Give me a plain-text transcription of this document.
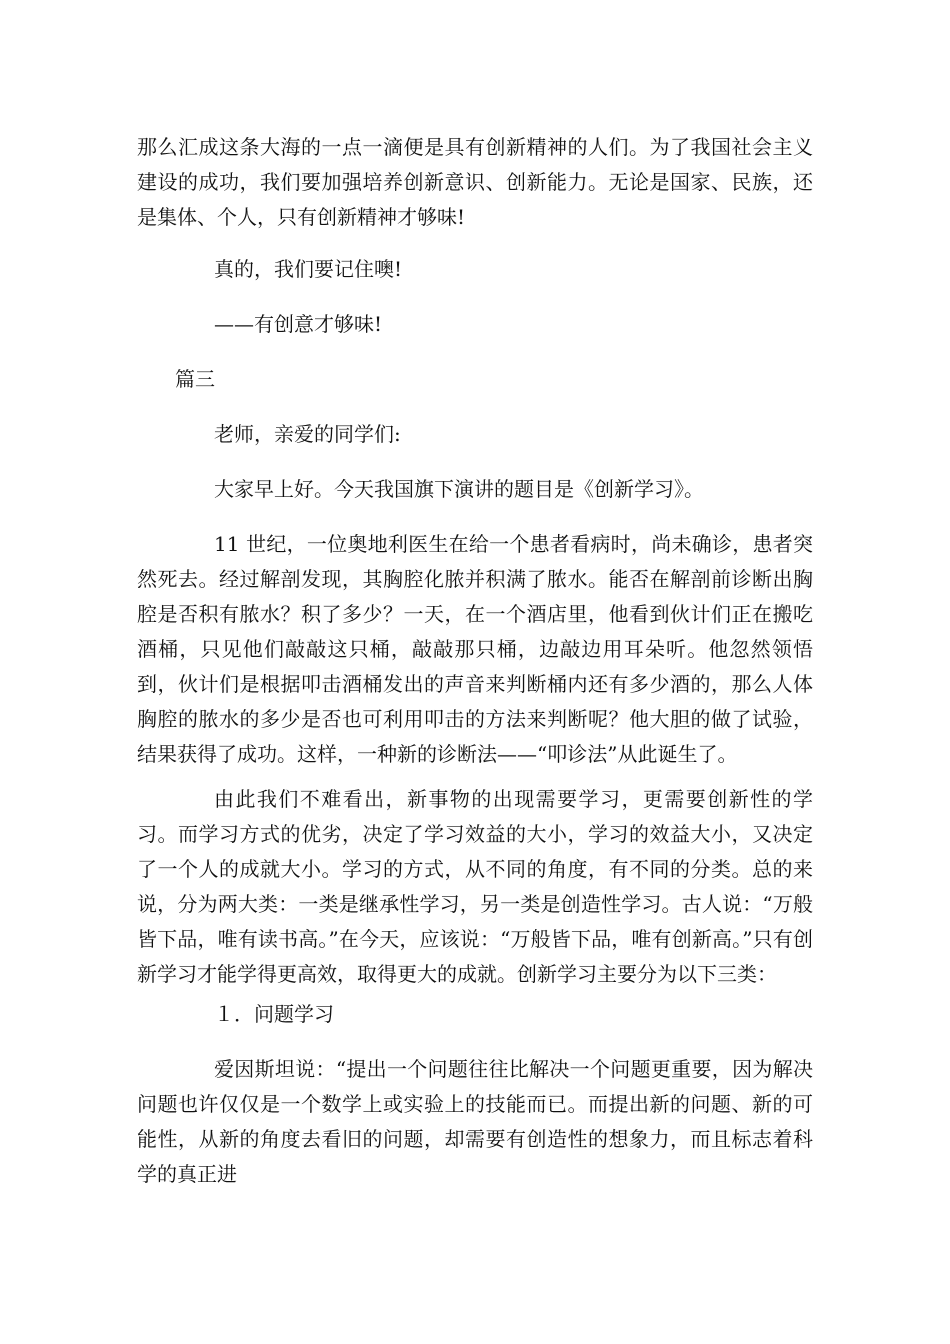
那么汇成这条大海的一点一滴便是具有创新精神的人们。为了我国社会主义建设的成功，我们要加强培养创新意识、创新能力。无论是国家、民族，还是集体、个人，只有创新精神才够味!

真的，我们要记住噢!

——有创意才够味!

篇三

老师，亲爱的同学们:

大家早上好。今天我国旗下演讲的题目是《创新学习》。

11 世纪，一位奥地利医生在给一个患者看病时，尚未确诊，患者突然死去。经过解剖发现，其胸腔化脓并积满了脓水。能否在解剖前诊断出胸腔是否积有脓水？积了多少？一天，在一个酒店里，他看到伙计们正在搬吃酒桶，只见他们敲敲这只桶，敲敲那只桶，边敲边用耳朵听。他忽然领悟到，伙计们是根据叩击酒桶发出的声音来判断桶内还有多少酒的，那么人体胸腔的脓水的多少是否也可利用叩击的方法来判断呢？他大胆的做了试验，结果获得了成功。这样，一种新的诊断法——“叩诊法”从此诞生了。

由此我们不难看出，新事物的出现需要学习，更需要创新性的学习。而学习方式的优劣，决定了学习效益的大小，学习的效益大小，又决定了一个人的成就大小。学习的方式，从不同的角度，有不同的分类。总的来说，分为两大类：一类是继承性学习，另一类是创造性学习。古人说：“万般皆下品，唯有读书高。”在今天，应该说：“万般皆下品，唯有创新高。”只有创新学习才能学得更高效，取得更大的成就。创新学习主要分为以下三类：

１．问题学习

爱因斯坦说：“提出一个问题往往比解决一个问题更重要，因为解决问题也许仅仅是一个数学上或实验上的技能而已。而提出新的问题、新的可能性，从新的角度去看旧的问题，却需要有创造性的想象力，而且标志着科学的真正进
